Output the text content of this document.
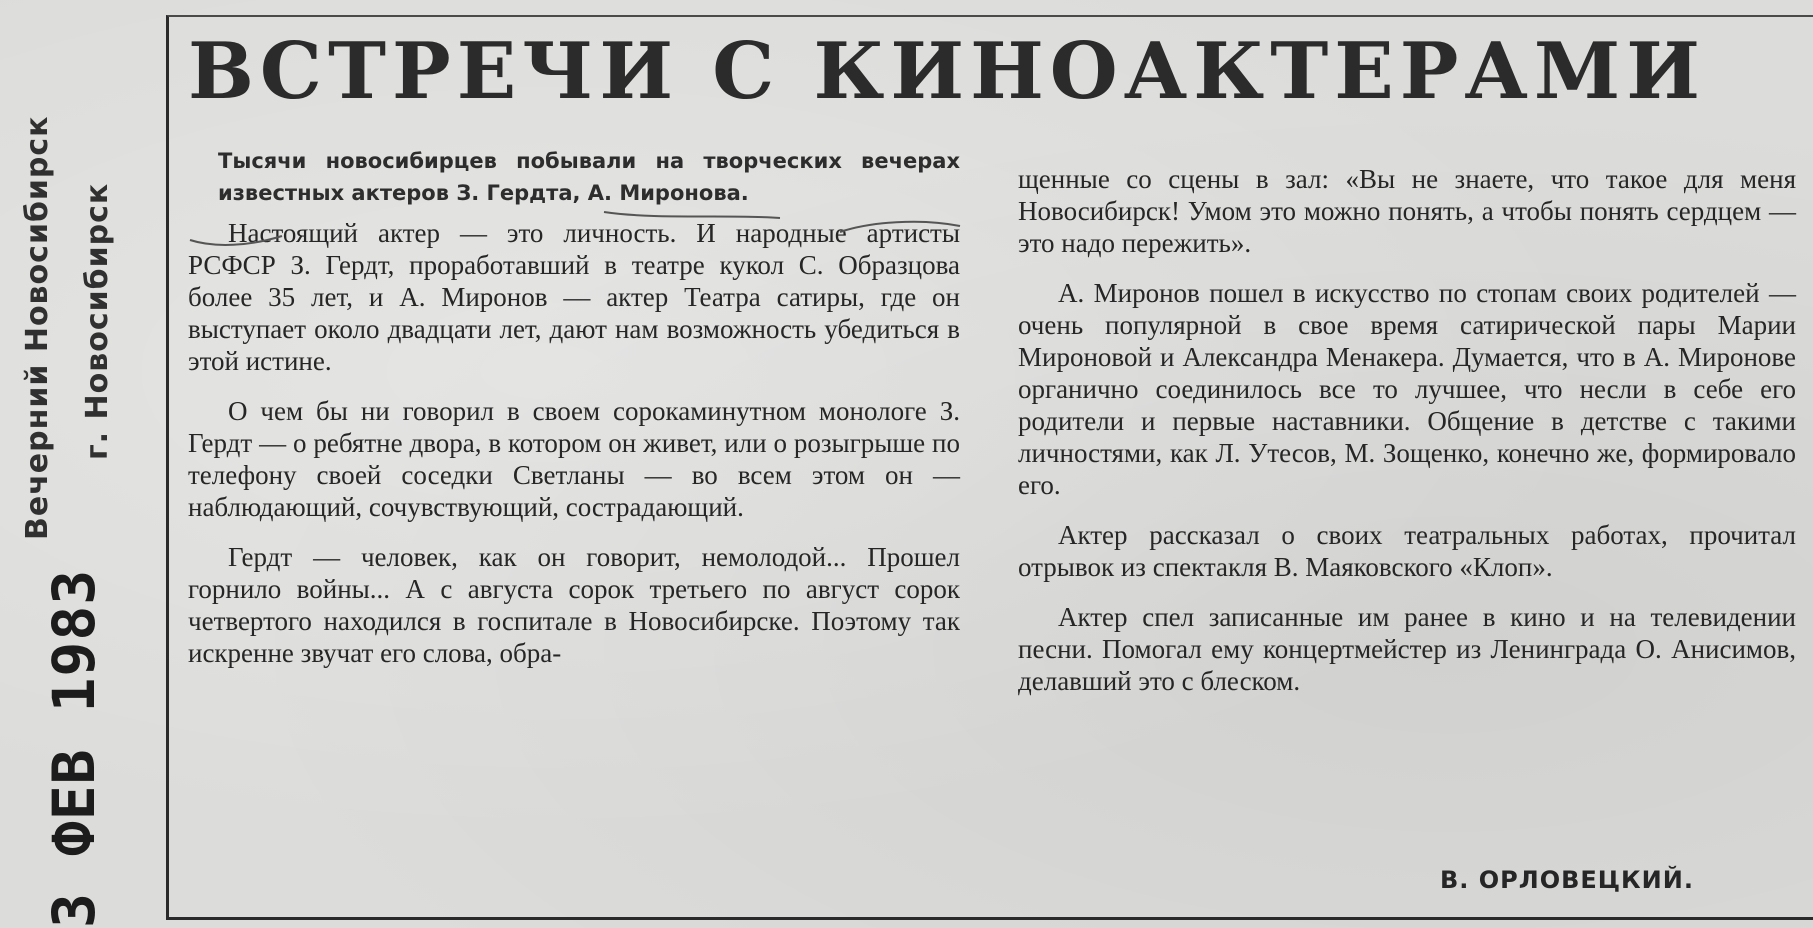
Вечерний Новосибирск г. Новосибирск
3 ФЕВ 1983
ВСТРЕЧИ С КИНОАКТЕРАМИ

Тысячи новосибирцев побывали на творческих вечерах известных актеров З. Гердта, А. Миронова.

Настоящий актер — это личность. И народные артисты РСФСР З. Гердт, проработавший в театре кукол С. Образцова более 35 лет, и А. Миронов — актер Театра сатиры, где он выступает около двадцати лет, дают нам возможность убедиться в этой истине.

О чем бы ни говорил в своем сорокаминутном монологе З. Гердт — о ребятне двора, в котором он живет, или о розыгрыше по телефону своей соседки Светланы — во всем этом он — наблюдающий, сочувствующий, сострадающий.

Гердт — человек, как он говорит, немолодой... Прошел горнило войны... А с августа сорок третьего по август сорок четвертого находился в госпитале в Новосибирске. Поэтому так искренне звучат его слова, обра-

щенные со сцены в зал: «Вы не знаете, что такое для меня Новосибирск! Умом это можно понять, а чтобы понять сердцем — это надо пережить».

А. Миронов пошел в искусство по стопам своих родителей — очень популярной в свое время сатирической пары Марии Мироновой и Александра Менакера. Думается, что в А. Миронове органично соединилось все то лучшее, что несли в себе его родители и первые наставники. Общение в детстве с такими личностями, как Л. Утесов, М. Зощенко, конечно же, формировало его.

Актер рассказал о своих театральных работах, прочитал отрывок из спектакля В. Маяковского «Клоп».

Актер спел записанные им ранее в кино и на телевидении песни. Помогал ему концертмейстер из Ленинграда О. Анисимов, делавший это с блеском.

В. ОРЛОВЕЦКИЙ.
